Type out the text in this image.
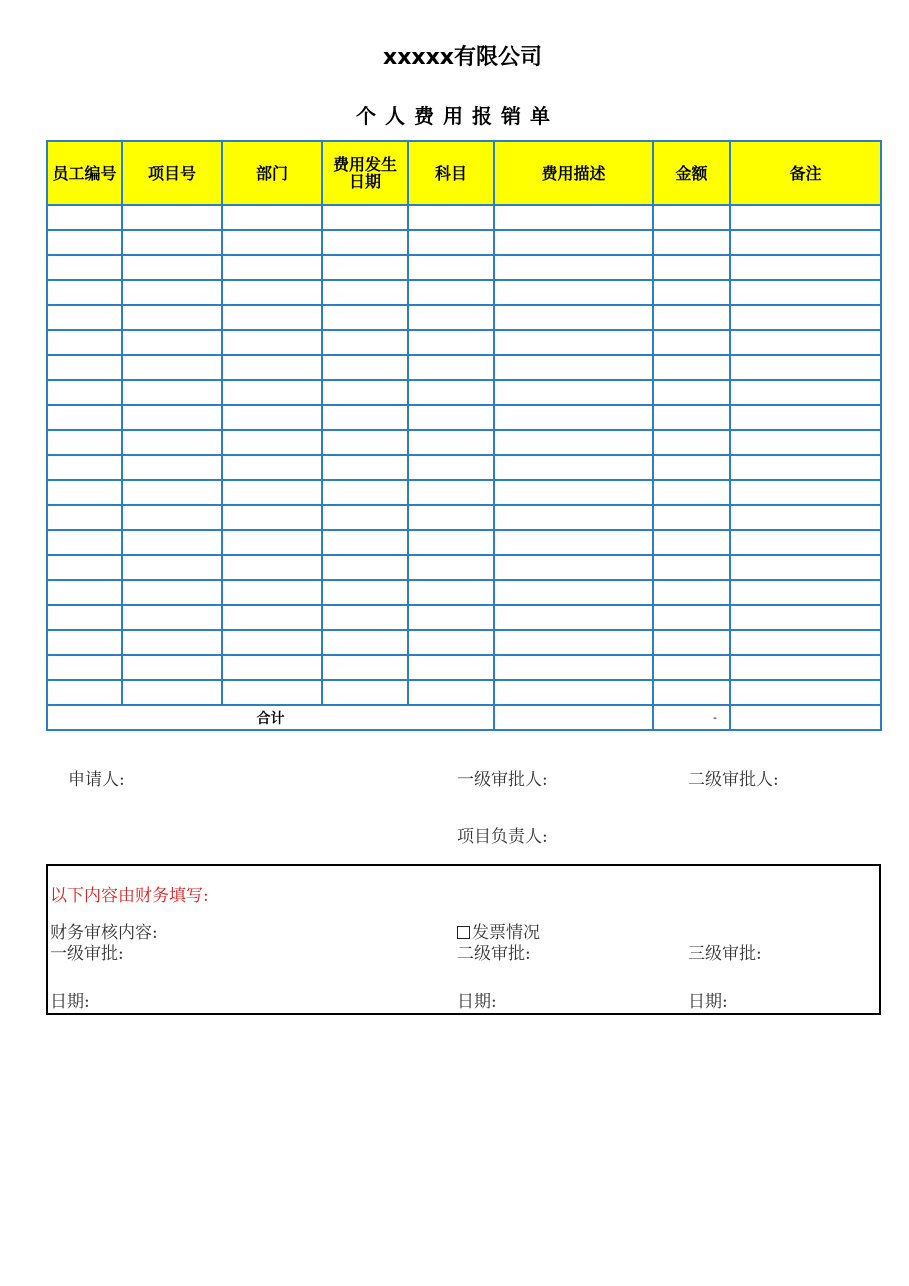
xxxxx有限公司
个人费用报销单
员工编号	项目号	部门	费用发生日期	科目	费用描述	金额	备注

合计						-	
申请人:	一级审批人:	二级审批人:
项目负责人:
以下内容由财务填写:
财务审核内容:	发票情况
一级审批:	二级审批:	三级审批:
日期:	日期:	日期:
